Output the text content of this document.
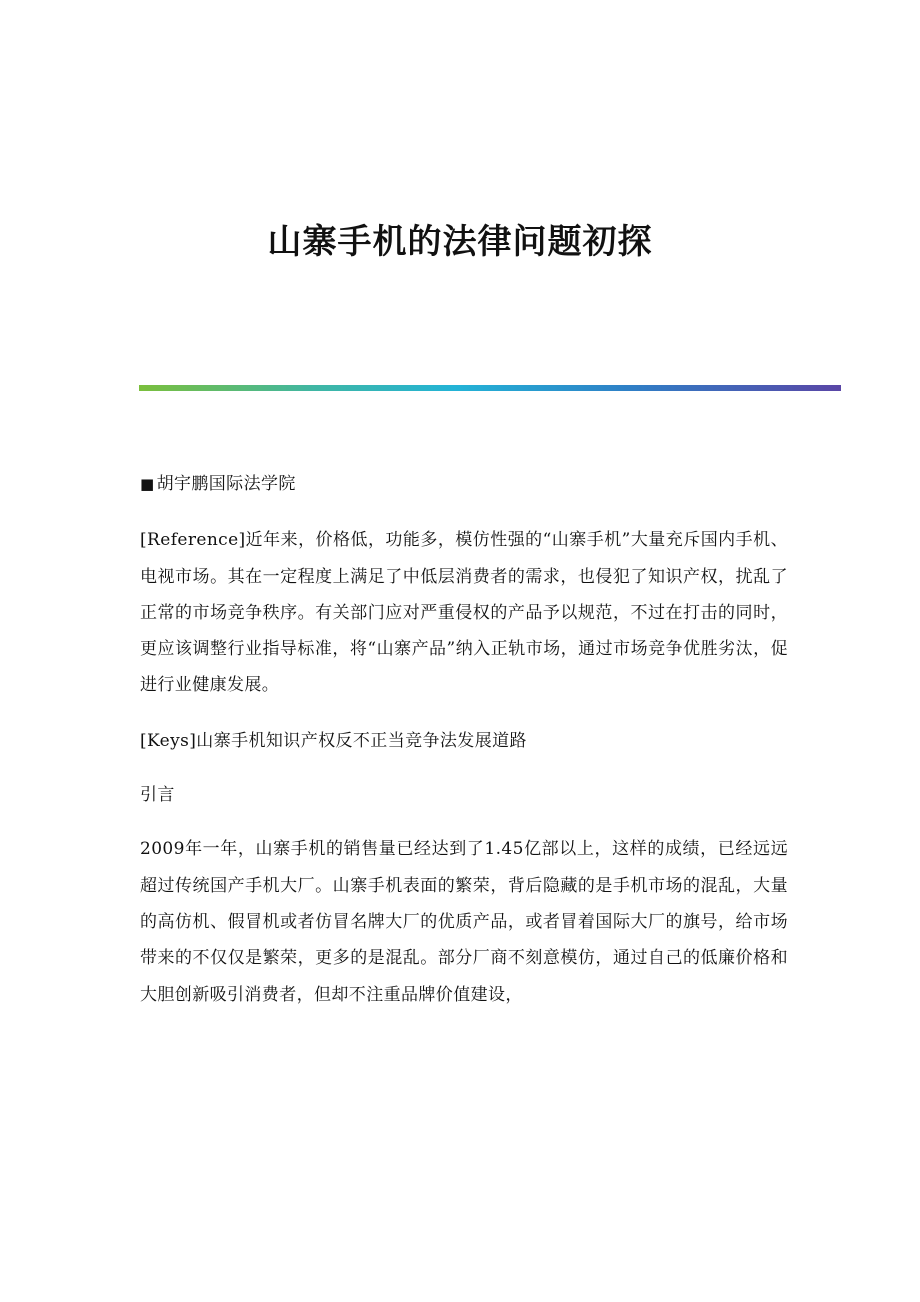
山寨手机的法律问题初探

■ 胡宇鹏国际法学院

[Reference]近年来，价格低，功能多，模仿性强的“山寨手机”大量充斥国内手机、电视市场。其在一定程度上满足了中低层消费者的需求，也侵犯了知识产权，扰乱了正常的市场竞争秩序。有关部门应对严重侵权的产品予以规范，不过在打击的同时，更应该调整行业指导标准，将“山寨产品”纳入正轨市场，通过市场竞争优胜劣汰，促进行业健康发展。

[Keys]山寨手机知识产权反不正当竞争法发展道路

引言

2009年一年，山寨手机的销售量已经达到了1.45亿部以上，这样的成绩，已经远远超过传统国产手机大厂。山寨手机表面的繁荣，背后隐藏的是手机市场的混乱，大量的高仿机、假冒机或者仿冒名牌大厂的优质产品，或者冒着国际大厂的旗号，给市场带来的不仅仅是繁荣，更多的是混乱。部分厂商不刻意模仿，通过自己的低廉价格和大胆创新吸引消费者，但却不注重品牌价值建设，
